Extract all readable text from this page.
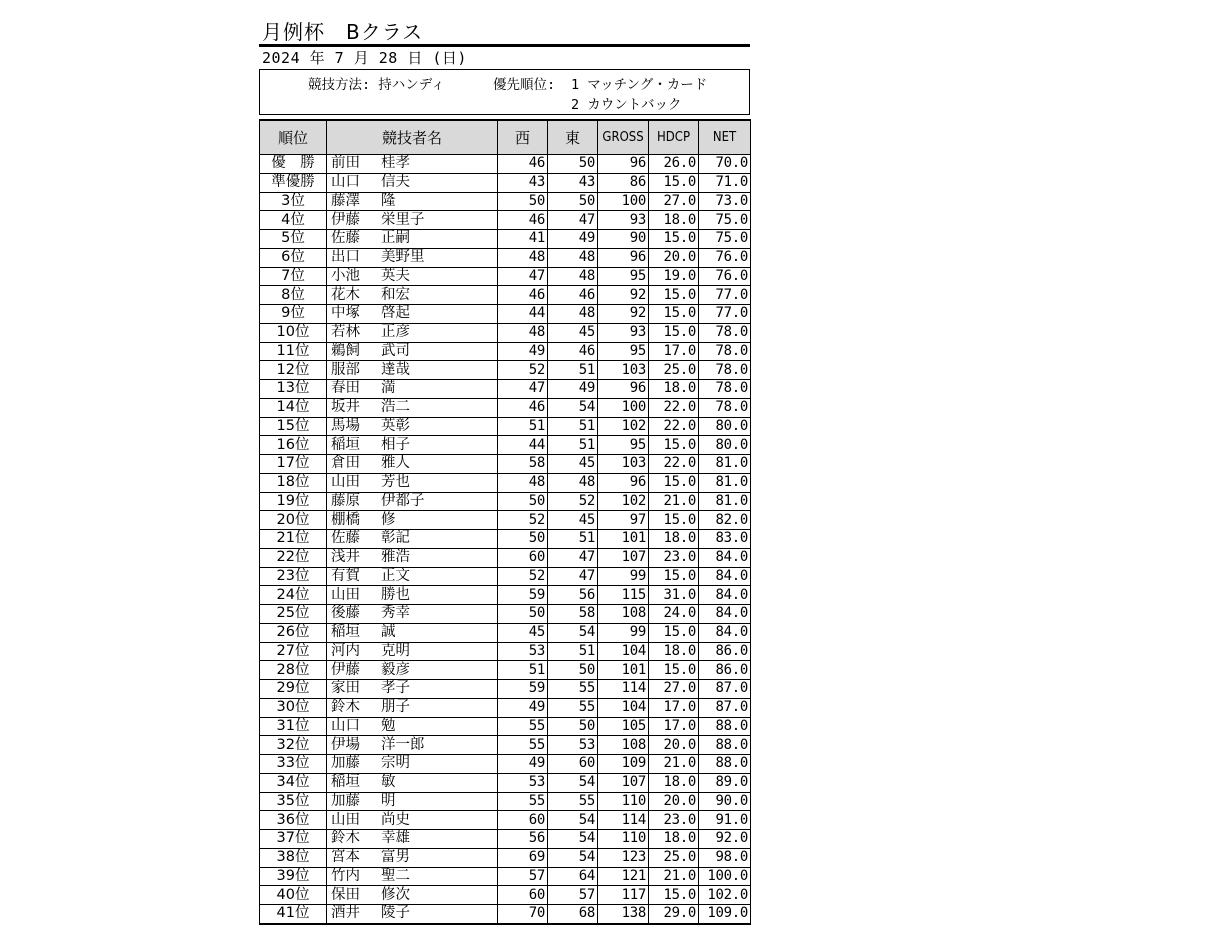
月例杯　Bクラス
2024 年 7 月 28 日 (日)
競技方法: 持ハンディ	優先順位: 1 マッチング・カード
2 カウントバック
順位	競技者名	西	東	GROSS	HDCP	NET
優　勝	前田 桂孝	46	50	96	26.0	70.0
準優勝	山口 信夫	43	43	86	15.0	71.0
3位	藤澤 隆	50	50	100	27.0	73.0
4位	伊藤 栄里子	46	47	93	18.0	75.0
5位	佐藤 正嗣	41	49	90	15.0	75.0
6位	出口 美野里	48	48	96	20.0	76.0
7位	小池 英夫	47	48	95	19.0	76.0
8位	花木 和宏	46	46	92	15.0	77.0
9位	中塚 啓起	44	48	92	15.0	77.0
10位	若林 正彦	48	45	93	15.0	78.0
11位	鵜飼 武司	49	46	95	17.0	78.0
12位	服部 達哉	52	51	103	25.0	78.0
13位	春田 満	47	49	96	18.0	78.0
14位	坂井 浩二	46	54	100	22.0	78.0
15位	馬場 英彰	51	51	102	22.0	80.0
16位	稲垣 相子	44	51	95	15.0	80.0
17位	倉田 雅人	58	45	103	22.0	81.0
18位	山田 芳也	48	48	96	15.0	81.0
19位	藤原 伊都子	50	52	102	21.0	81.0
20位	棚橋 修	52	45	97	15.0	82.0
21位	佐藤 彰記	50	51	101	18.0	83.0
22位	浅井 雅浩	60	47	107	23.0	84.0
23位	有賀 正文	52	47	99	15.0	84.0
24位	山田 勝也	59	56	115	31.0	84.0
25位	後藤 秀幸	50	58	108	24.0	84.0
26位	稲垣 誠	45	54	99	15.0	84.0
27位	河内 克明	53	51	104	18.0	86.0
28位	伊藤 毅彦	51	50	101	15.0	86.0
29位	家田 孝子	59	55	114	27.0	87.0
30位	鈴木 朋子	49	55	104	17.0	87.0
31位	山口 勉	55	50	105	17.0	88.0
32位	伊場 洋一郎	55	53	108	20.0	88.0
33位	加藤 宗明	49	60	109	21.0	88.0
34位	稲垣 敏	53	54	107	18.0	89.0
35位	加藤 明	55	55	110	20.0	90.0
36位	山田 尚史	60	54	114	23.0	91.0
37位	鈴木 幸雄	56	54	110	18.0	92.0
38位	宮本 富男	69	54	123	25.0	98.0
39位	竹内 聖二	57	64	121	21.0	100.0
40位	保田 修次	60	57	117	15.0	102.0
41位	酒井 陵子	70	68	138	29.0	109.0
